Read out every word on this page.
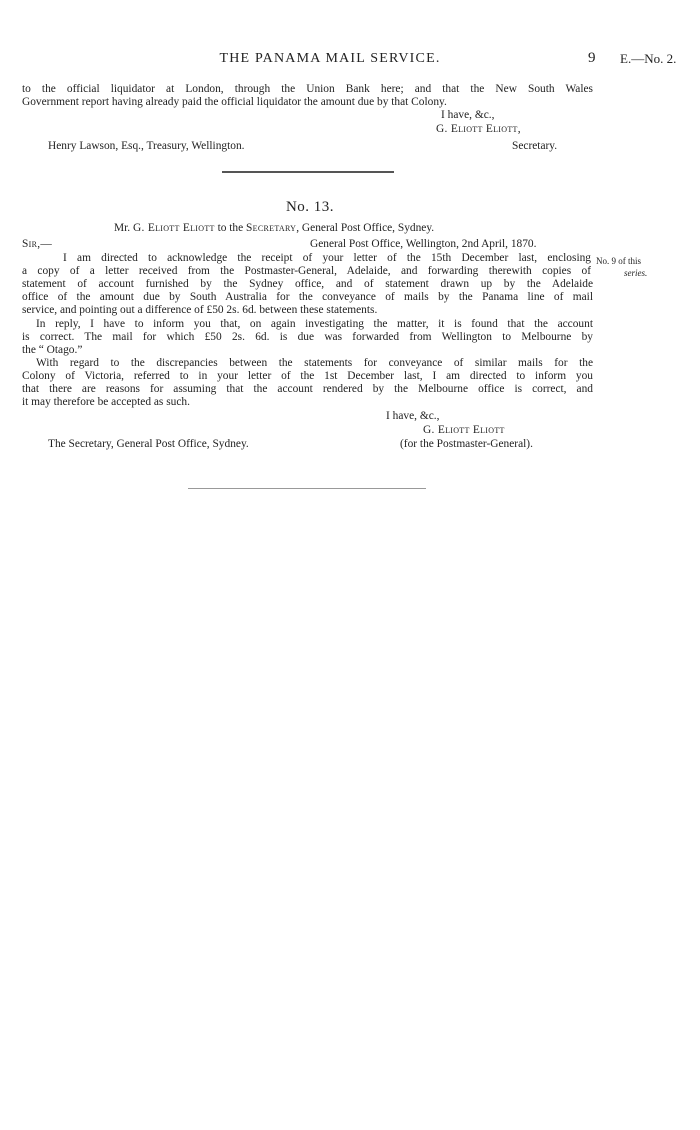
THE PANAMA MAIL SERVICE.	9 E.—No. 2.
to the official liquidator at London, through the Union Bank here; and that the New South Wales
Government report having already paid the official liquidator the amount due by that Colony.
I have, &c.,
G. Eliott Eliott,
Henry Lawson, Esq., Treasury, Wellington.	Secretary.
No. 13.
Mr. G. Eliott Eliott to the Secretary, General Post Office, Sydney.
Sir,—	General Post Office, Wellington, 2nd April, 1870.
I am directed to acknowledge the receipt of your letter of the 15th December last, enclosing
a copy of a letter received from the Postmaster-General, Adelaide, and forwarding therewith copies of
statement of account furnished by the Sydney office, and of statement drawn up by the Adelaide
office of the amount due by South Australia for the conveyance of mails by the Panama line of mail
service, and pointing out a difference of £50 2s. 6d. between these statements.
No. 9 of this
series.
In reply, I have to inform you that, on again investigating the matter, it is found that the account
is correct. The mail for which £50 2s. 6d. is due was forwarded from Wellington to Melbourne by
the “ Otago.”
With regard to the discrepancies between the statements for conveyance of similar mails for the
Colony of Victoria, referred to in your letter of the 1st December last, I am directed to inform you
that there are reasons for assuming that the account rendered by the Melbourne office is correct, and
it may therefore be accepted as such.
I have, &c.,
G. Eliott Eliott
The Secretary, General Post Office, Sydney.	(for the Postmaster-General).
